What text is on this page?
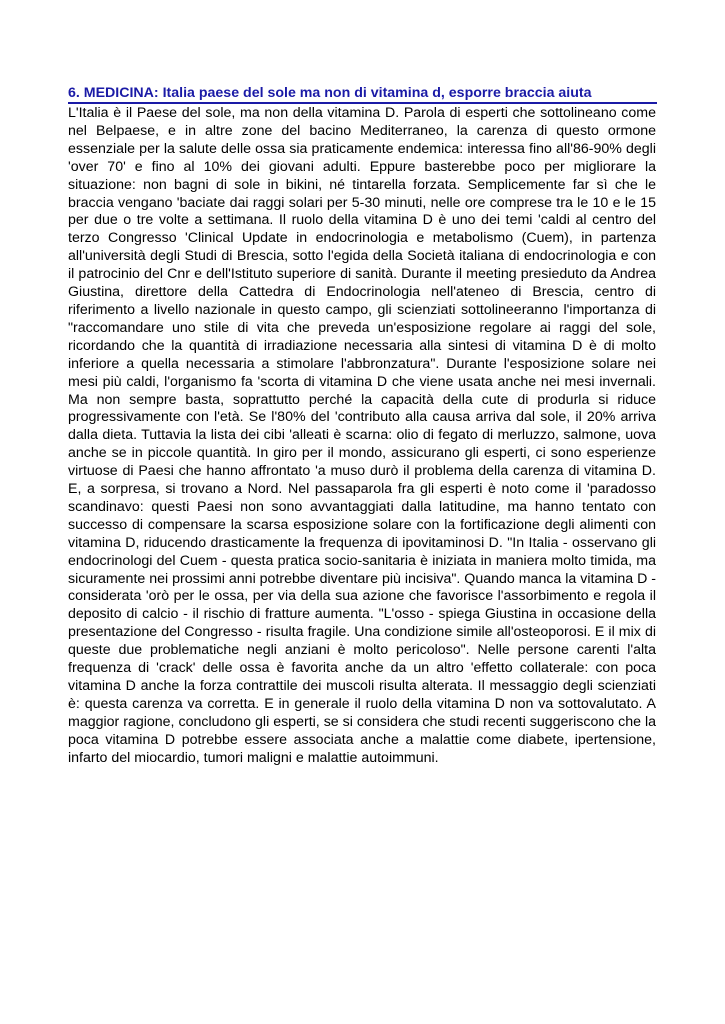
6. MEDICINA: Italia paese del sole ma non di vitamina d, esporre braccia aiuta

L'Italia è il Paese del sole, ma non della vitamina D. Parola di esperti che sottolineano come nel Belpaese, e in altre zone del bacino Mediterraneo, la carenza di questo ormone essenziale per la salute delle ossa sia praticamente endemica: interessa fino all'86-90% degli 'over 70' e fino al 10% dei giovani adulti. Eppure basterebbe poco per migliorare la situazione: non bagni di sole in bikini, né tintarella forzata. Semplicemente far sì che le braccia vengano 'baciate dai raggi solari per 5-30 minuti, nelle ore comprese tra le 10 e le 15 per due o tre volte a settimana. Il ruolo della vitamina D è uno dei temi 'caldi al centro del terzo Congresso 'Clinical Update in endocrinologia e metabolismo (Cuem), in partenza all'università degli Studi di Brescia, sotto l'egida della Società italiana di endocrinologia e con il patrocinio del Cnr e dell'Istituto superiore di sanità. Durante il meeting presieduto da Andrea Giustina, direttore della Cattedra di Endocrinologia nell'ateneo di Brescia, centro di riferimento a livello nazionale in questo campo, gli scienziati sottolineeranno l'importanza di "raccomandare uno stile di vita che preveda un'esposizione regolare ai raggi del sole, ricordando che la quantità di irradiazione necessaria alla sintesi di vitamina D è di molto inferiore a quella necessaria a stimolare l'abbronzatura". Durante l'esposizione solare nei mesi più caldi, l'organismo fa 'scorta di vitamina D che viene usata anche nei mesi invernali. Ma non sempre basta, soprattutto perché la capacità della cute di produrla si riduce progressivamente con l'età. Se l'80% del 'contributo alla causa arriva dal sole, il 20% arriva dalla dieta. Tuttavia la lista dei cibi 'alleati è scarna: olio di fegato di merluzzo, salmone, uova anche se in piccole quantità. In giro per il mondo, assicurano gli esperti, ci sono esperienze virtuose di Paesi che hanno affrontato 'a muso durò il problema della carenza di vitamina D. E, a sorpresa, si trovano a Nord. Nel passaparola fra gli esperti è noto come il 'paradosso scandinavo: questi Paesi non sono avvantaggiati dalla latitudine, ma hanno tentato con successo di compensare la scarsa esposizione solare con la fortificazione degli alimenti con vitamina D, riducendo drasticamente la frequenza di ipovitaminosi D. "In Italia - osservano gli endocrinologi del Cuem - questa pratica socio-sanitaria è iniziata in maniera molto timida, ma sicuramente nei prossimi anni potrebbe diventare più incisiva". Quando manca la vitamina D - considerata 'orò per le ossa, per via della sua azione che favorisce l'assorbimento e regola il deposito di calcio - il rischio di fratture aumenta. "L'osso - spiega Giustina in occasione della presentazione del Congresso - risulta fragile. Una condizione simile all'osteoporosi. E il mix di queste due problematiche negli anziani è molto pericoloso". Nelle persone carenti l'alta frequenza di 'crack' delle ossa è favorita anche da un altro 'effetto collaterale: con poca vitamina D anche la forza contrattile dei muscoli risulta alterata. Il messaggio degli scienziati è: questa carenza va corretta. E in generale il ruolo della vitamina D non va sottovalutato. A maggior ragione, concludono gli esperti, se si considera che studi recenti suggeriscono che la poca vitamina D potrebbe essere associata anche a malattie come diabete, ipertensione, infarto del miocardio, tumori maligni e malattie autoimmuni.
